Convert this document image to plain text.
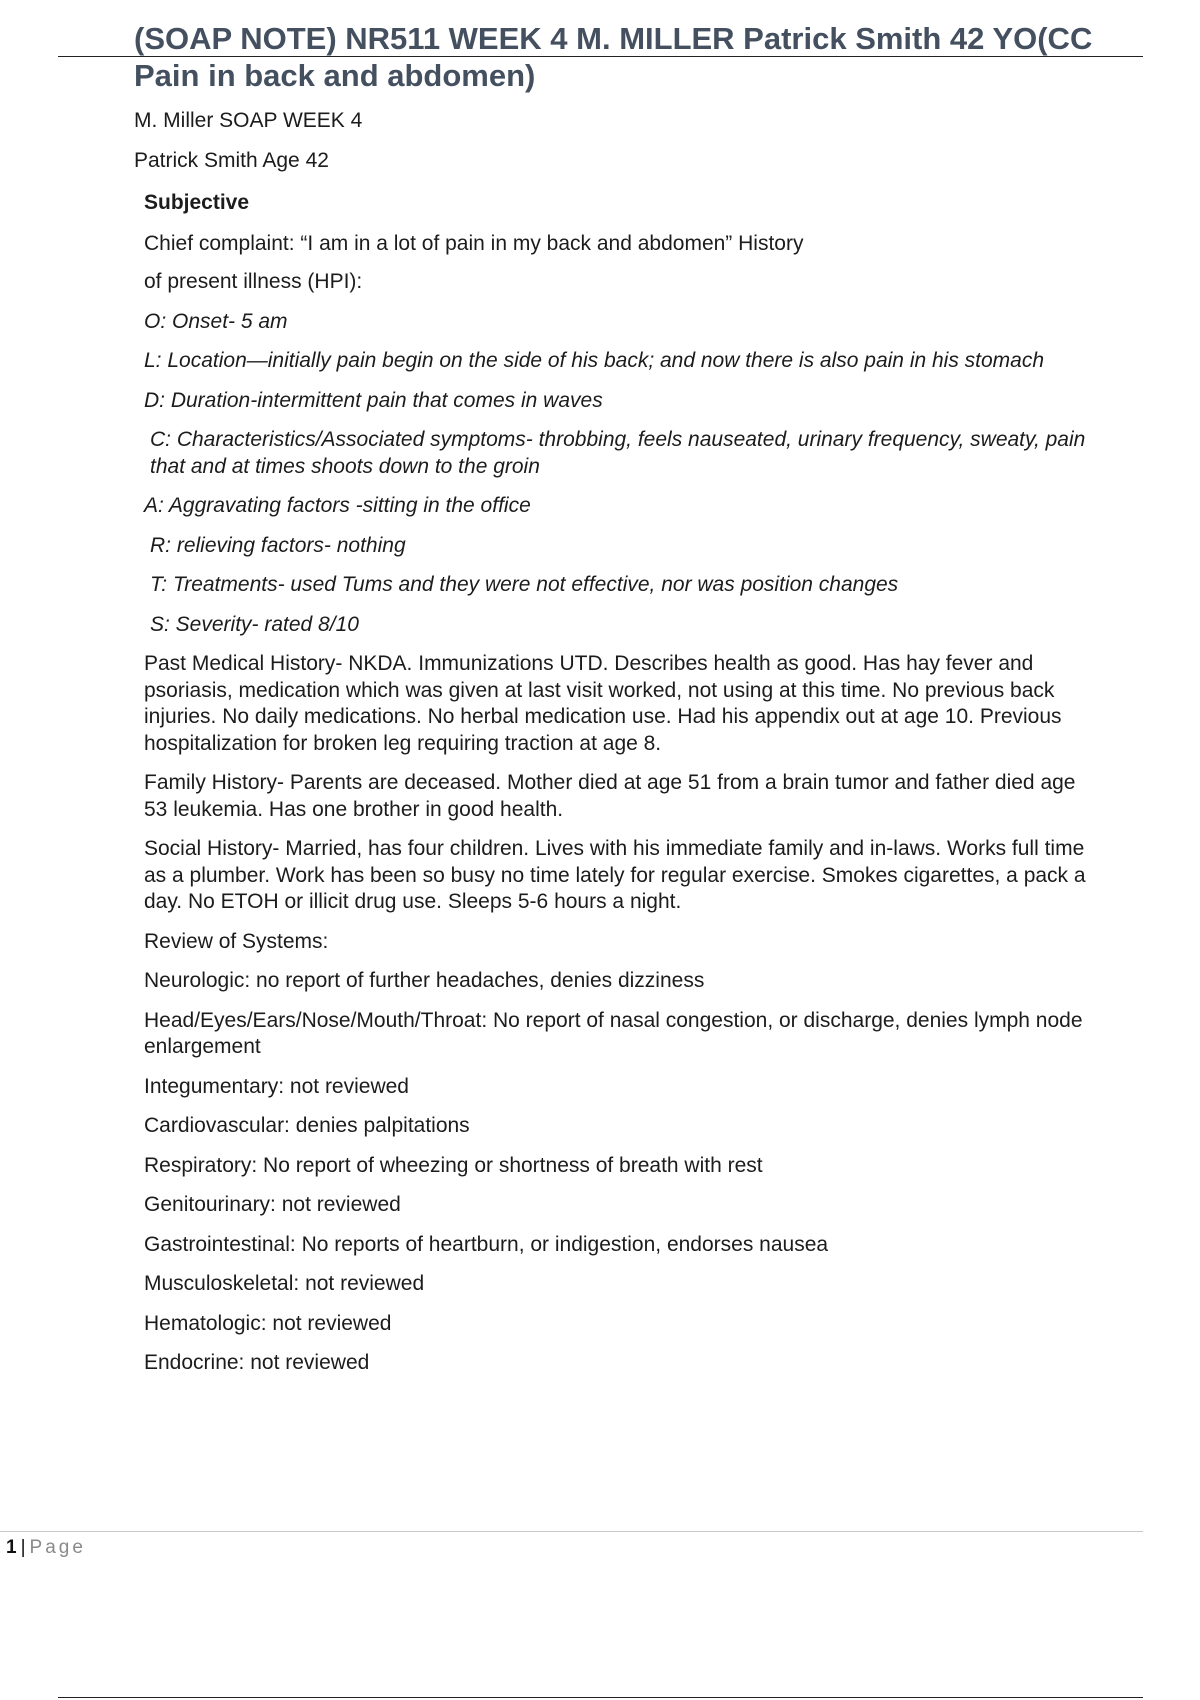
(SOAP NOTE) NR511 WEEK 4 M. MILLER Patrick Smith 42 YO(CC Pain in back and abdomen)
M. Miller SOAP WEEK 4
Patrick Smith Age 42

Subjective

Chief complaint: “I am in a lot of pain in my back and abdomen” History

of present illness (HPI):

O: Onset- 5 am

L: Location—initially pain begin on the side of his back; and now there is also pain in his stomach

D: Duration-intermittent pain that comes in waves

C: Characteristics/Associated symptoms- throbbing, feels nauseated, urinary frequency, sweaty, pain that and at times shoots down to the groin

A: Aggravating factors -sitting in the office

R: relieving factors- nothing

T: Treatments- used Tums and they were not effective, nor was position changes

S: Severity- rated 8/10

Past Medical History- NKDA. Immunizations UTD. Describes health as good. Has hay fever and psoriasis, medication which was given at last visit worked, not using at this time. No previous back injuries. No daily medications. No herbal medication use. Had his appendix out at age 10. Previous hospitalization for broken leg requiring traction at age 8.

Family History- Parents are deceased. Mother died at age 51 from a brain tumor and father died age 53 leukemia. Has one brother in good health.

Social History- Married, has four children. Lives with his immediate family and in-laws. Works full time as a plumber. Work has been so busy no time lately for regular exercise. Smokes cigarettes, a pack a day. No ETOH or illicit drug use. Sleeps 5-6 hours a night.

Review of Systems:

Neurologic: no report of further headaches, denies dizziness

Head/Eyes/Ears/Nose/Mouth/Throat: No report of nasal congestion, or discharge, denies lymph node enlargement

Integumentary: not reviewed

Cardiovascular: denies palpitations

Respiratory: No report of wheezing or shortness of breath with rest

Genitourinary: not reviewed

Gastrointestinal: No reports of heartburn, or indigestion, endorses nausea

Musculoskeletal: not reviewed

Hematologic: not reviewed

Endocrine: not reviewed

1 | Page
